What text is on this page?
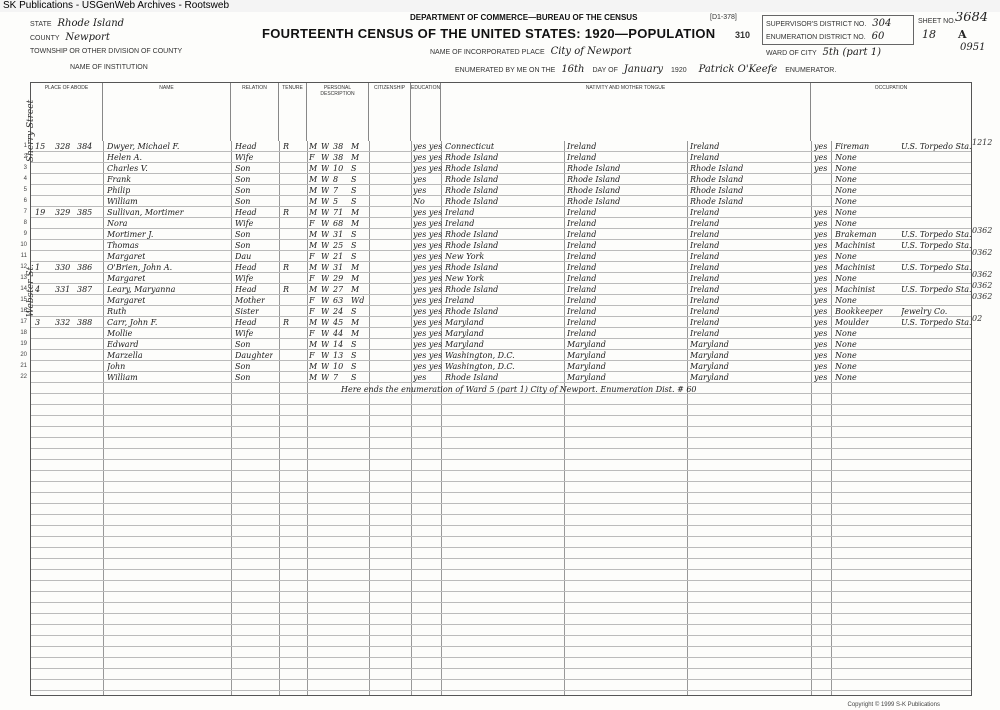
SK Publications - USGenWeb Archives - Rootsweb
STATE Rhode Island
COUNTY Newport
TOWNSHIP OR OTHER DIVISION OF COUNTY
NAME OF INSTITUTION
DEPARTMENT OF COMMERCE—BUREAU OF THE CENSUS	[D1-378]
FOURTEENTH CENSUS OF THE UNITED STATES: 1920—POPULATION 310
NAME OF INCORPORATED PLACE City of Newport
ENUMERATED BY ME ON THE 16th DAY OF January 1920 Patrick O'Keefe ENUMERATOR.
SUPERVISOR'S DISTRICT NO. 304
ENUMERATION DISTRICT NO. 60
WARD OF CITY 5th (part 1)
SHEET NO.
18 A
3684
0951
PLACE OF ABODE	NAME	RELATION	TENURE	PERSONAL DESCRIPTION
CITIZENSHIP	EDUCATION	NATIVITY AND MOTHER TONGUE	OCCUPATION
1 15 328 384 Dwyer, Michael F.	Head	R M W 38 M	yes yes Connecticut	Ireland	Ireland	yes Fireman	U.S. Torpedo Sta.
2	Helen A.	Wife	F W 38 M	yes yes Rhode Island	Ireland	Ireland	yes None
3	Charles V.	Son	M W 10 S	yes yes Rhode Island	Rhode Island	Rhode Island	yes None
4	Frank	Son	M W 8 S	yes Rhode Island	Rhode Island	Rhode Island	None
5	Philip	Son	M W 7 S	yes Rhode Island	Rhode Island	Rhode Island	None
6	William	Son	M W 5 S	No	Rhode Island	Rhode Island	Rhode Island	None
7 19 329 385 Sullivan, Mortimer	Head	R M W 71 M	yes yes Ireland	Ireland	Ireland	yes None
8	Nora	Wife	F W 68 M	yes yes Ireland	Ireland	Ireland	yes None
9	Mortimer J.	Son	M W 31 S	yes yes Rhode Island	Ireland	Ireland	yes Brakeman	U.S. Torpedo Sta.
10	Thomas	Son	M W 25 S	yes yes Rhode Island	Ireland	Ireland	yes Machinist	U.S. Torpedo Sta.
11	Margaret	Dau	F W 21 S	yes yes New York	Ireland	Ireland	yes None
12 1 330 386 O'Brien, John A.	Head	R M W 31 M	yes yes Rhode Island	Ireland	Ireland	yes Machinist	U.S. Torpedo Sta.
13	Margaret	Wife	F W 29 M	yes yes New York	Ireland	Ireland	yes None
14 4 331 387 Leary, Maryanna	Head	R M W 27 M	yes yes Rhode Island	Ireland	Ireland	yes Machinist	U.S. Torpedo Sta.
15	Margaret	Mother	F W 63 Wd	yes yes Ireland	Ireland	Ireland	yes None
16	Ruth	Sister	F W 24 S	yes yes Rhode Island	Ireland	Ireland	yes Bookkeeper Jewelry Co.
17 3 332 388 Carr, John F.	Head	R M W 45 M	yes yes Maryland	Ireland	Ireland	yes Moulder	U.S. Torpedo Sta.
18	Mollie	Wife	F W 44 M	yes yes Maryland	Ireland	Ireland	yes None
19	Edward	Son	M W 14 S	yes yes Maryland	Maryland	Maryland	yes None
20	Marzella	Daughter	F W 13 S	yes yes Washington, D.C.	Maryland	Maryland	yes None
21	John	Son	M W 10 S	yes yes Washington, D.C.	Maryland	Maryland	yes None
22	William	Son	M W 7 S	yes Rhode Island	Maryland	Maryland	yes None
Here ends the enumeration of Ward 5 (part 1) City of Newport. Enumeration Dist. # 60
Sherry Street
Webster St.
1212
0362
0362
0362
0362
0362
02
Copyright © 1999 S-K Publications
